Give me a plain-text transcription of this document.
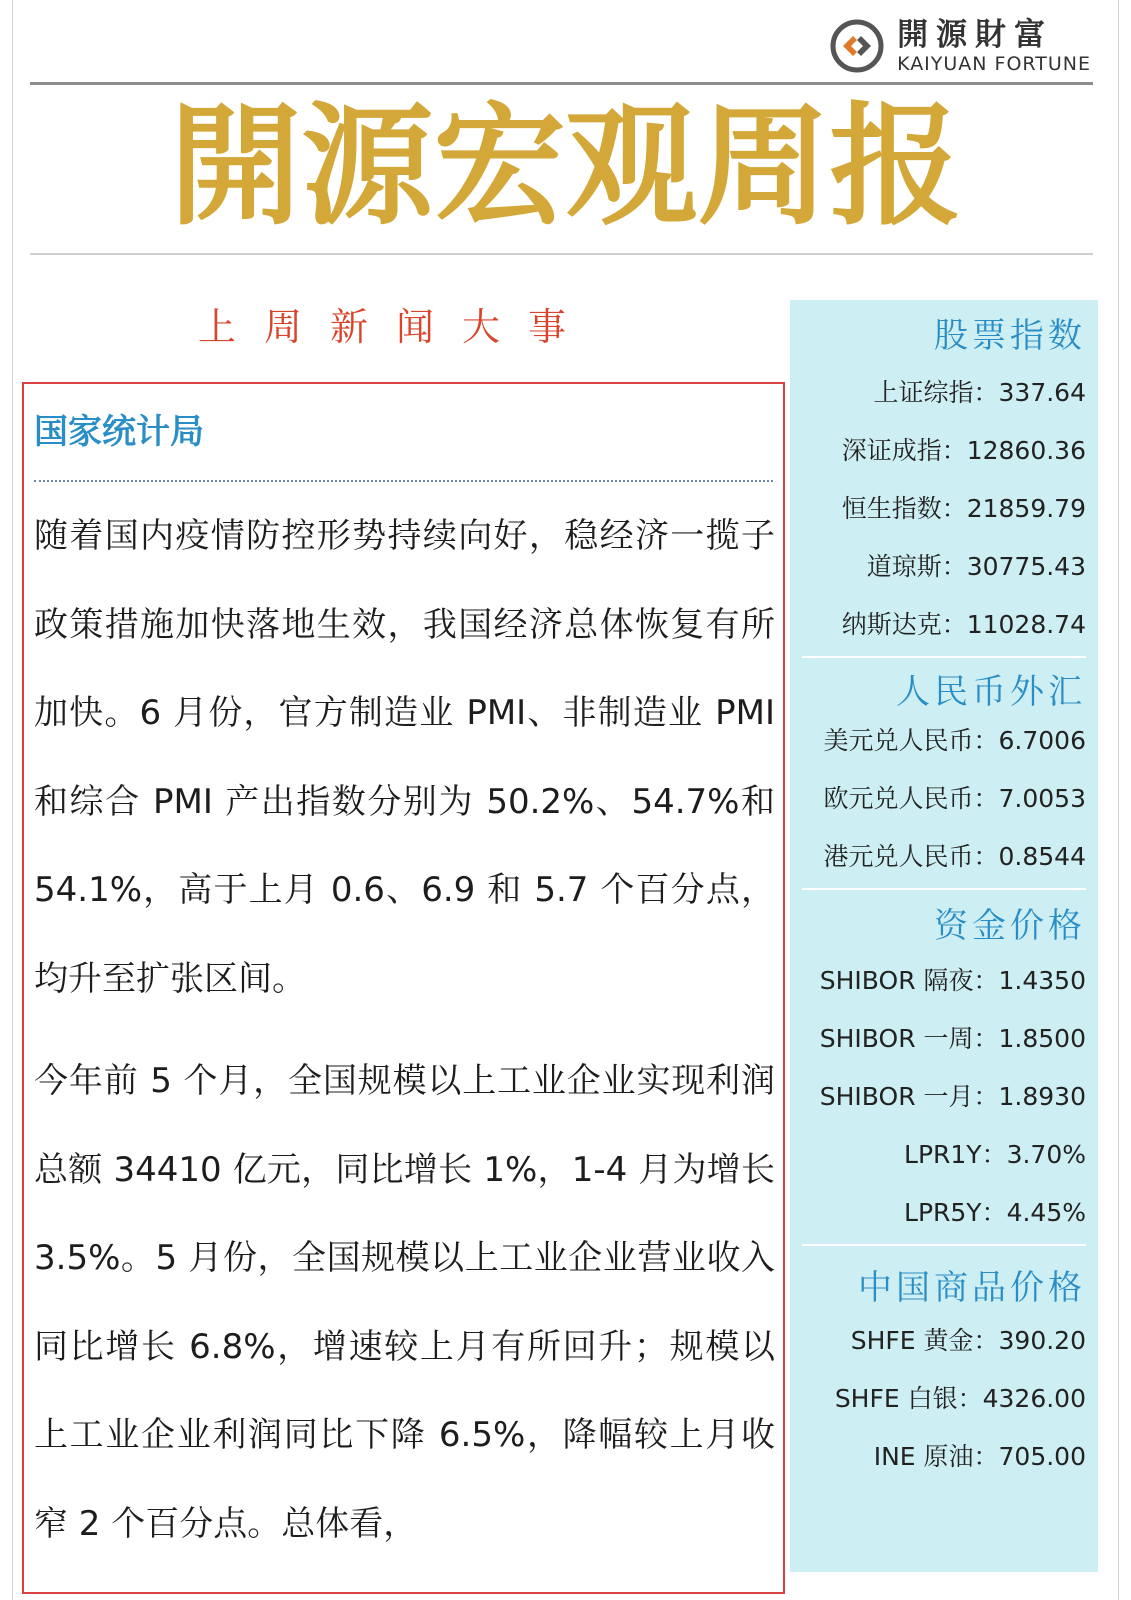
開源財富
KAIYUAN FORTUNE
開源宏观周报
上周新闻大事
国家统计局

随着国内疫情防控形势持续向好，稳经济一揽子政策措施加快落地生效，我国经济总体恢复有所加快。6 月份，官方制造业 PMI、非制造业 PMI 和综合 PMI 产出指数分别为 50.2%、54.7%和 54.1%，高于上月 0.6、6.9 和 5.7 个百分点，均升至扩张区间。

今年前 5 个月，全国规模以上工业企业实现利润总额 34410 亿元，同比增长 1%，1-4 月为增长 3.5%。5 月份，全国规模以上工业企业营业收入同比增长 6.8%，增速较上月有所回升；规模以上工业企业利润同比下降 6.5%，降幅较上月收窄 2 个百分点。总体看，

股票指数
上证综指：337.64
深证成指：12860.36
恒生指数：21859.79
道琼斯：30775.43
纳斯达克：11028.74
人民币外汇
美元兑人民币：6.7006
欧元兑人民币：7.0053
港元兑人民币：0.8544
资金价格
SHIBOR 隔夜：1.4350
SHIBOR 一周：1.8500
SHIBOR 一月：1.8930
LPR1Y：3.70%
LPR5Y：4.45%
中国商品价格
SHFE 黄金：390.20
SHFE 白银：4326.00
INE 原油：705.00
